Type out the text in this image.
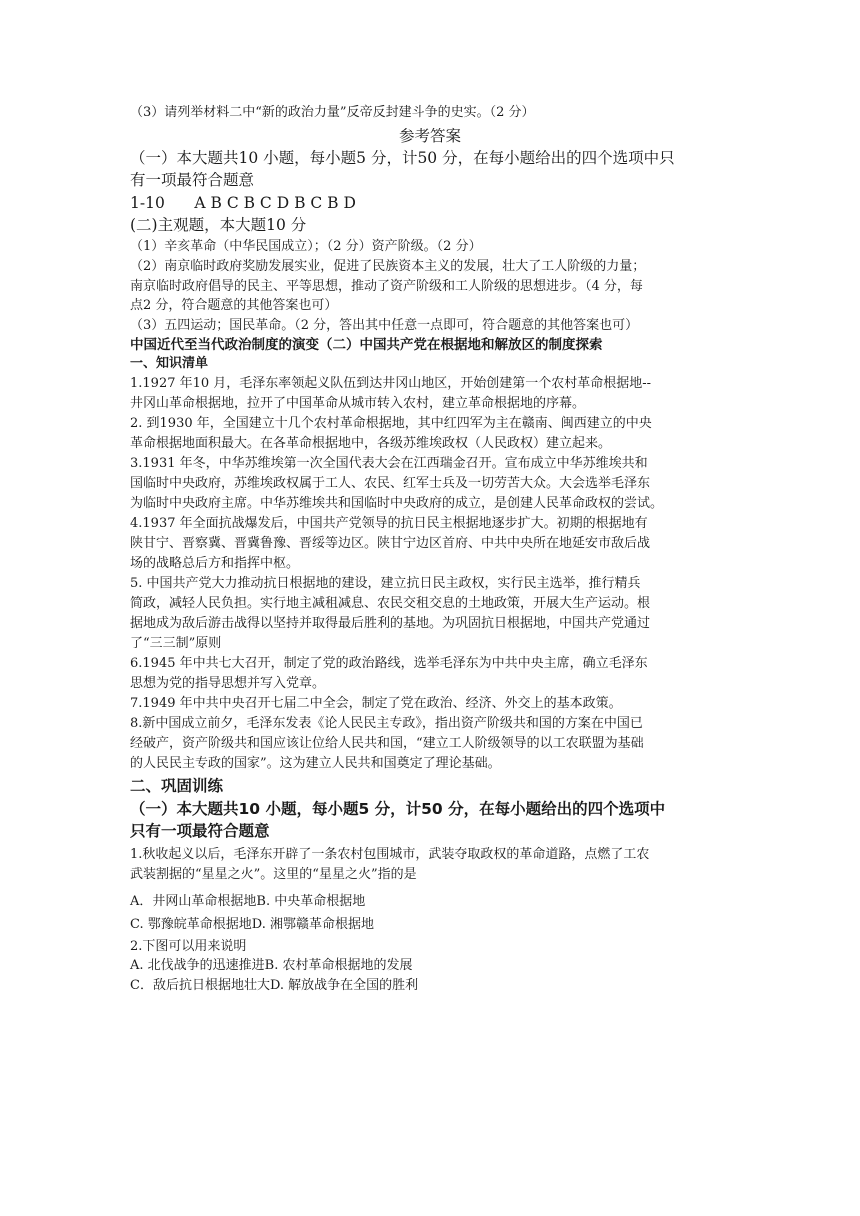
（3）请列举材料二中“新的政治力量”反帝反封建斗争的史实。（2 分）
参考答案
（一）本大题共10 小题，每小题5 分，计50 分，在每小题给出的四个选项中只
有一项最符合题意
1-10      A B C B C D B C B D
(二)主观题，本大题10 分
（1）辛亥革命（中华民国成立）；（2 分）资产阶级。（2 分）
（2）南京临时政府奖励发展实业，促进了民族资本主义的发展，壮大了工人阶级的力量；
南京临时政府倡导的民主、平等思想，推动了资产阶级和工人阶级的思想进步。（4 分，每
点2 分，符合题意的其他答案也可）
（3）五四运动；国民革命。（2 分，答出其中任意一点即可，符合题意的其他答案也可）
中国近代至当代政治制度的演变（二）中国共产党在根据地和解放区的制度探索
一、知识清单
1.1927 年10 月，毛泽东率领起义队伍到达井冈山地区，开始创建第一个农村革命根据地--
井冈山革命根据地，拉开了中国革命从城市转入农村，建立革命根据地的序幕。
2. 到1930 年，全国建立十几个农村革命根据地，其中红四军为主在赣南、闽西建立的中央
革命根据地面积最大。在各革命根据地中，各级苏维埃政权（人民政权）建立起来。
3.1931 年冬，中华苏维埃第一次全国代表大会在江西瑞金召开。宣布成立中华苏维埃共和
国临时中央政府，苏维埃政权属于工人、农民、红军士兵及一切劳苦大众。大会选举毛泽东
为临时中央政府主席。中华苏维埃共和国临时中央政府的成立，是创建人民革命政权的尝试。
4.1937 年全面抗战爆发后，中国共产党领导的抗日民主根据地逐步扩大。初期的根据地有
陕甘宁、晋察冀、晋冀鲁豫、晋绥等边区。陕甘宁边区首府、中共中央所在地延安市敌后战
场的战略总后方和指挥中枢。
5. 中国共产党大力推动抗日根据地的建设，建立抗日民主政权，实行民主选举，推行精兵
简政，减轻人民负担。实行地主减租减息、农民交租交息的土地政策，开展大生产运动。根
据地成为敌后游击战得以坚持并取得最后胜利的基地。为巩固抗日根据地，中国共产党通过
了“三三制”原则
6.1945 年中共七大召开，制定了党的政治路线，选举毛泽东为中共中央主席，确立毛泽东
思想为党的指导思想并写入党章。
7.1949 年中共中央召开七届二中全会，制定了党在政治、经济、外交上的基本政策。
8.新中国成立前夕，毛泽东发表《论人民民主专政》，指出资产阶级共和国的方案在中国已
经破产，资产阶级共和国应该让位给人民共和国，“建立工人阶级领导的以工农联盟为基础
的人民民主专政的国家”。这为建立人民共和国奠定了理论基础。
二、巩固训练
（一）本大题共10 小题，每小题5 分，计50 分，在每小题给出的四个选项中
只有一项最符合题意
1.秋收起义以后，毛泽东开辟了一条农村包围城市，武装夺取政权的革命道路，点燃了工农
武装割据的“星星之火”。这里的“星星之火”指的是
A．井网山革命根据地B. 中央革命根据地
C. 鄂豫皖革命根据地D. 湘鄂赣革命根据地
2.下图可以用来说明
A. 北伐战争的迅速推进B. 农村革命根据地的发展
C．敌后抗日根据地壮大D. 解放战争在全国的胜利
